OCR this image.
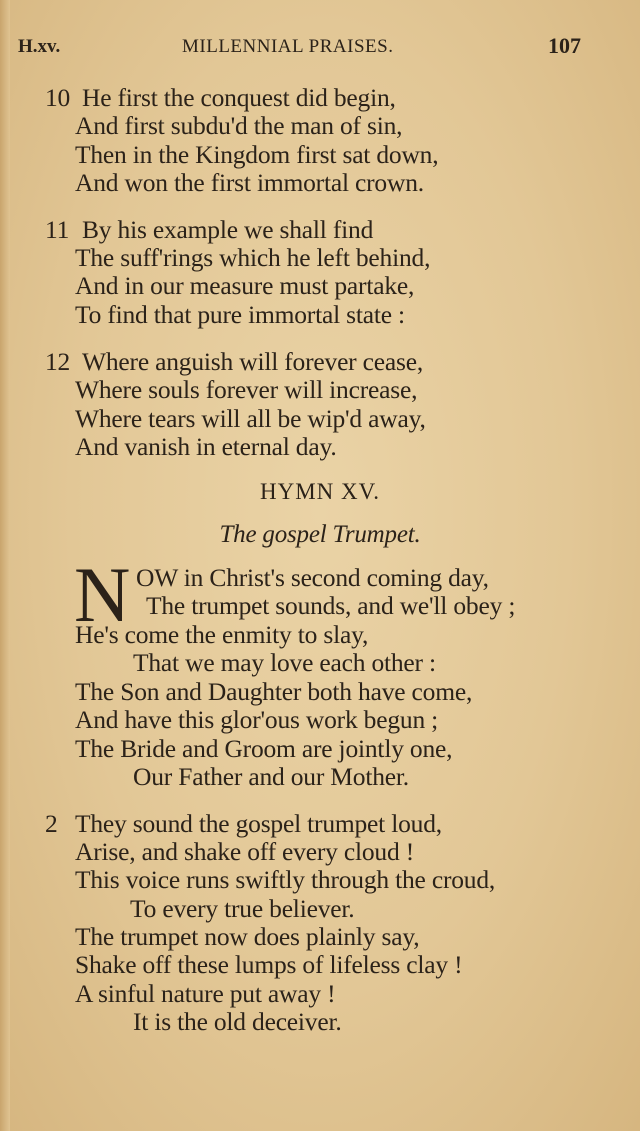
H.xv.	MILLENNIAL PRAISES.	107
10 He first the conquest did begin,
And first subdu'd the man of sin,
Then in the Kingdom first sat down,
And won the first immortal crown.
11 By his example we shall find
The suff'rings which he left behind,
And in our measure must partake,
To find that pure immortal state :
12 Where anguish will forever cease,
Where souls forever will increase,
Where tears will all be wip'd away,
And vanish in eternal day.
HYMN XV.
The gospel Trumpet.
N OW in Christ's second coming day,
The trumpet sounds, and we'll obey ;
He's come the enmity to slay,
That we may love each other :
The Son and Daughter both have come,
And have this glor'ous work begun ;
The Bride and Groom are jointly one,
Our Father and our Mother.
2 They sound the gospel trumpet loud,
Arise, and shake off every cloud !
This voice runs swiftly through the croud,
To every true believer.
The trumpet now does plainly say,
Shake off these lumps of lifeless clay !
A sinful nature put away !
It is the old deceiver.
